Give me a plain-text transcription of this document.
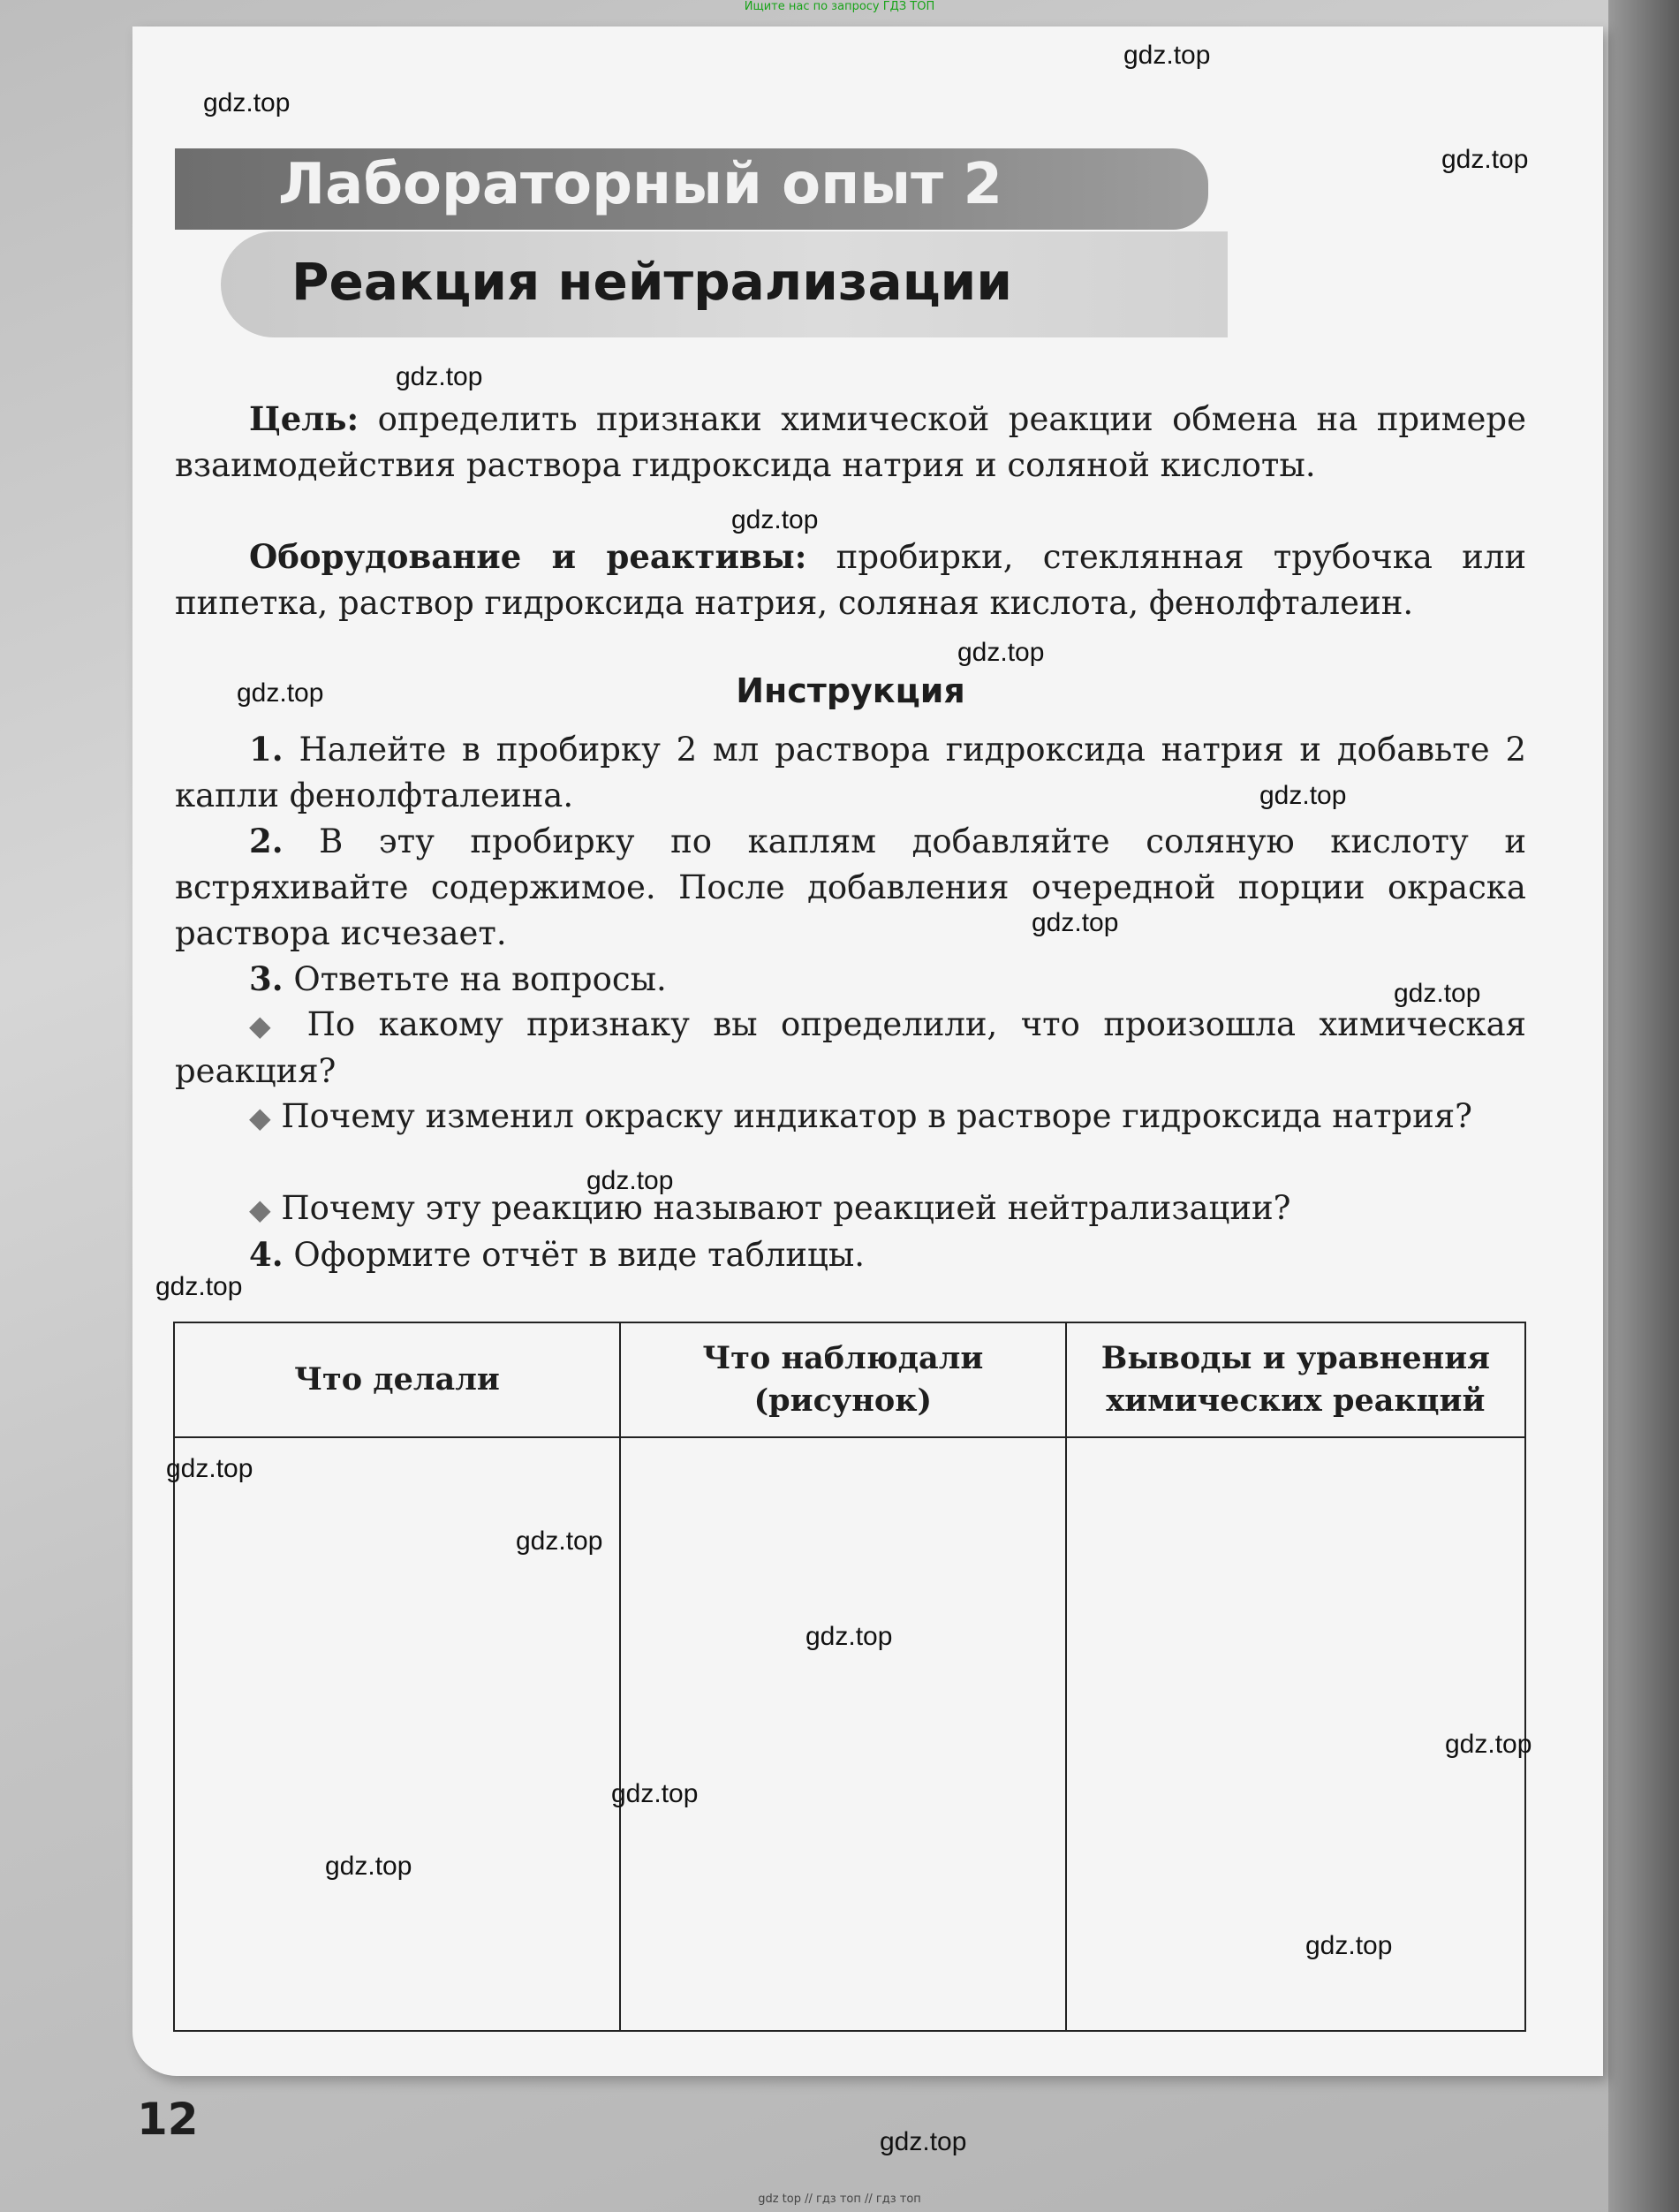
Ищите нас по запросу ГДЗ ТОП
Лабораторный опыт 2
Реакция нейтрализации
Цель: определить признаки химической реакции обмена на примере взаимодействия раствора гидроксида натрия и соляной кислоты.
Оборудование и реактивы: пробирки, стеклянная трубочка или пипетка, раствор гидроксида натрия, соляная кислота, фенолфталеин.
Инструкция
1. Налейте в пробирку 2 мл раствора гидроксида натрия и добавьте 2 капли фенолфталеина.
2. В эту пробирку по каплям добавляйте соляную кислоту и встряхивайте содержимое. После добавления очередной порции окраска раствора исчезает.
3. Ответьте на вопросы.
◆ По какому признаку вы определили, что произошла химическая реакция?
◆ Почему изменил окраску индикатор в растворе гидроксида натрия?
◆ Почему эту реакцию называют реакцией нейтрализации?
4. Оформите отчёт в виде таблицы.
Что делали	Что наблюдали (рисунок)	Выводы и уравнения химических реакций

12
gdz.top
gdz.top
gdz.top
gdz.top
gdz.top
gdz.top
gdz.top
gdz.top
gdz.top
gdz.top
gdz.top
gdz.top
gdz.top
gdz.top
gdz.top
gdz.top
gdz.top
gdz.top
gdz.top
gdz.top
gdz top // гдз топ // гдз топ
